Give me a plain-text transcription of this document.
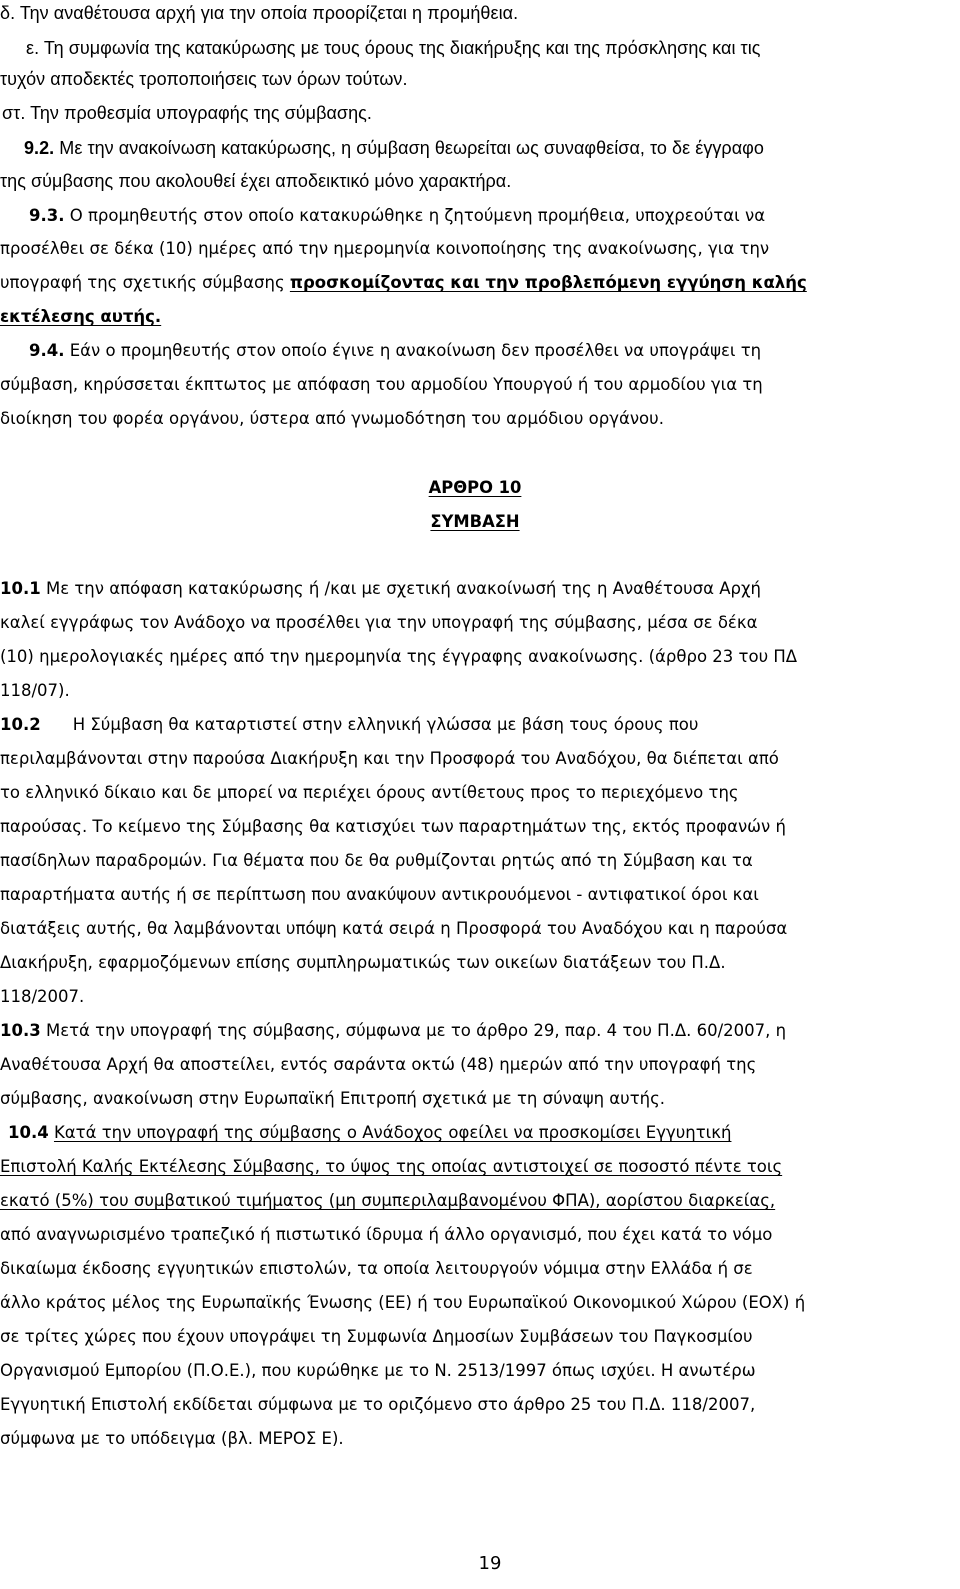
δ. Την αναθέτουσα αρχή για την οποία προορίζεται η προμήθεια.
ε. Τη συμφωνία της κατακύρωσης με τους όρους της διακήρυξης και της πρόσκλησης και τις
τυχόν αποδεκτές τροποποιήσεις των όρων τούτων.
στ. Την προθεσμία υπογραφής της σύμβασης.
9.2. Με την ανακοίνωση κατακύρωσης, η σύμβαση θεωρείται ως συναφθείσα, το δε έγγραφο
της σύμβασης που ακολουθεί έχει αποδεικτικό μόνο χαρακτήρα.
9.3. Ο προμηθευτής στον οποίο κατακυρώθηκε η ζητούμενη προμήθεια, υποχρεούται να
προσέλθει σε δέκα (10) ημέρες από την ημερομηνία κοινοποίησης της ανακοίνωσης, για την
υπογραφή της σχετικής σύμβασης προσκομίζοντας και την προβλεπόμενη εγγύηση καλής
εκτέλεσης αυτής.
9.4. Εάν ο προμηθευτής στον οποίο έγινε η ανακοίνωση δεν προσέλθει να υπογράψει τη
σύμβαση, κηρύσσεται έκπτωτος με απόφαση του αρμοδίου Υπουργού ή του αρμοδίου για τη
διοίκηση του φορέα οργάνου, ύστερα από γνωμοδότηση του αρμόδιου οργάνου.
ΑΡΘΡΟ 10
ΣΥΜΒΑΣΗ
10.1 Με την απόφαση κατακύρωσης ή /και με σχετική ανακοίνωσή της η Αναθέτουσα Αρχή
καλεί εγγράφως τον Ανάδοχο να προσέλθει για την υπογραφή της σύμβασης, μέσα σε δέκα
(10) ημερολογιακές ημέρες από την ημερομηνία της έγγραφης ανακοίνωσης. (άρθρο 23 του ΠΔ
118/07).
10.2 Η Σύμβαση θα καταρτιστεί στην ελληνική γλώσσα με βάση τους όρους που
περιλαμβάνονται στην παρούσα Διακήρυξη και την Προσφορά του Αναδόχου, θα διέπεται από
το ελληνικό δίκαιο και δε μπορεί να περιέχει όρους αντίθετους προς το περιεχόμενο της
παρούσας. Το κείμενο της Σύμβασης θα κατισχύει των παραρτημάτων της, εκτός προφανών ή
πασίδηλων παραδρομών. Για θέματα που δε θα ρυθμίζονται ρητώς από τη Σύμβαση και τα
παραρτήματα αυτής ή σε περίπτωση που ανακύψουν αντικρουόμενοι - αντιφατικοί όροι και
διατάξεις αυτής, θα λαμβάνονται υπόψη κατά σειρά η Προσφορά του Αναδόχου και η παρούσα
Διακήρυξη, εφαρμοζόμενων επίσης συμπληρωματικώς των οικείων διατάξεων του Π.Δ.
118/2007.
10.3 Μετά την υπογραφή της σύμβασης, σύμφωνα με το άρθρο 29, παρ. 4 του Π.Δ. 60/2007, η
Αναθέτουσα Αρχή θα αποστείλει, εντός σαράντα οκτώ (48) ημερών από την υπογραφή της
σύμβασης, ανακοίνωση στην Ευρωπαϊκή Επιτροπή σχετικά με τη σύναψη αυτής.
10.4 Κατά την υπογραφή της σύμβασης ο Ανάδοχος οφείλει να προσκομίσει Εγγυητική
Επιστολή Καλής Εκτέλεσης Σύμβασης, το ύψος της οποίας αντιστοιχεί σε ποσοστό πέντε τοις
εκατό (5%) του συμβατικού τιμήματος (μη συμπεριλαμβανομένου ΦΠΑ), αορίστου διαρκείας,
από αναγνωρισμένο τραπεζικό ή πιστωτικό ίδρυμα ή άλλο οργανισμό, που έχει κατά το νόμο
δικαίωμα έκδοσης εγγυητικών επιστολών, τα οποία λειτουργούν νόμιμα στην Ελλάδα ή σε
άλλο κράτος μέλος της Ευρωπαϊκής Ένωσης (ΕΕ) ή του Ευρωπαϊκού Οικονομικού Χώρου (ΕΟΧ) ή
σε τρίτες χώρες που έχουν υπογράψει τη Συμφωνία Δημοσίων Συμβάσεων του Παγκοσμίου
Οργανισμού Εμπορίου (Π.Ο.Ε.), που κυρώθηκε με το Ν. 2513/1997 όπως ισχύει. Η ανωτέρω
Εγγυητική Επιστολή εκδίδεται σύμφωνα με το οριζόμενο στο άρθρο 25 του Π.Δ. 118/2007,
σύμφωνα με το υπόδειγμα (βλ. ΜΕΡΟΣ Ε).
19
